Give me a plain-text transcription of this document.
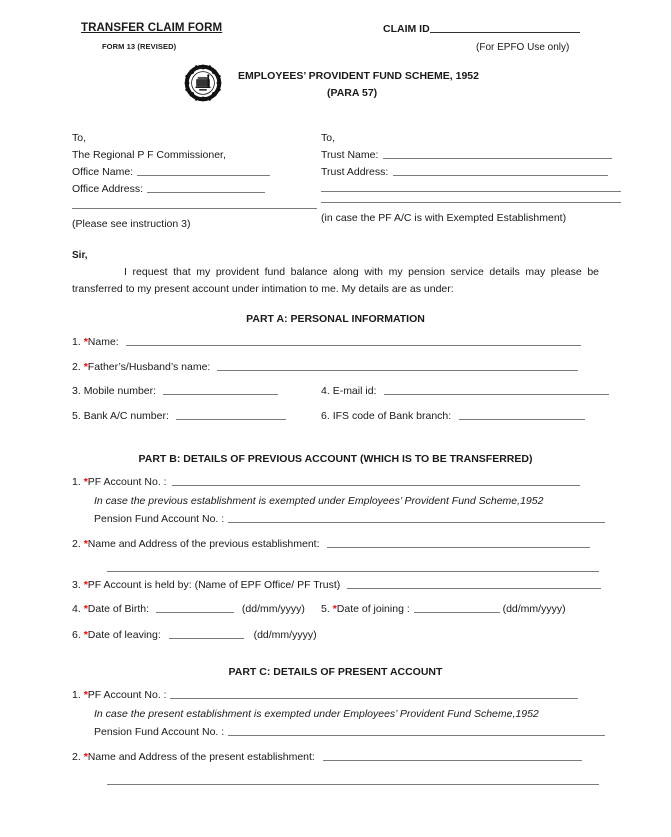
TRANSFER CLAIM FORM
FORM 13 (REVISED)
CLAIM ID
(For EPFO Use only)
EMPLOYEES’ PROVIDENT FUND SCHEME, 1952
(PARA 57)
To,
The Regional P F Commissioner,
Office Name:
Office Address:
(Please see instruction 3)
To,
Trust Name:
Trust Address:
(in case the PF A/C is with Exempted Establishment)
Sir,
I request that my provident fund balance along with my pension service details may please be transferred to my present account under intimation to me. My details are as under:
PART A: PERSONAL INFORMATION
1. *Name:
2. *Father’s/Husband’s name:
3. Mobile number:	4. E-mail id:
5. Bank A/C number:	6. IFS code of Bank branch:
PART B: DETAILS OF PREVIOUS ACCOUNT (WHICH IS TO BE TRANSFERRED)
1. *PF Account No. :
In case the previous establishment is exempted under Employees’ Provident Fund Scheme,1952
Pension Fund Account No. :
2. *Name and Address of the previous establishment:
3. *PF Account is held by: (Name of EPF Office/ PF Trust)
4. *Date of Birth:	(dd/mm/yyyy) 5. *Date of joining :	(dd/mm/yyyy)
6. *Date of leaving:	(dd/mm/yyyy)
PART C: DETAILS OF PRESENT ACCOUNT
1. *PF Account No. :
In case the present establishment is exempted under Employees’ Provident Fund Scheme,1952
Pension Fund Account No. :
2. *Name and Address of the present establishment:
